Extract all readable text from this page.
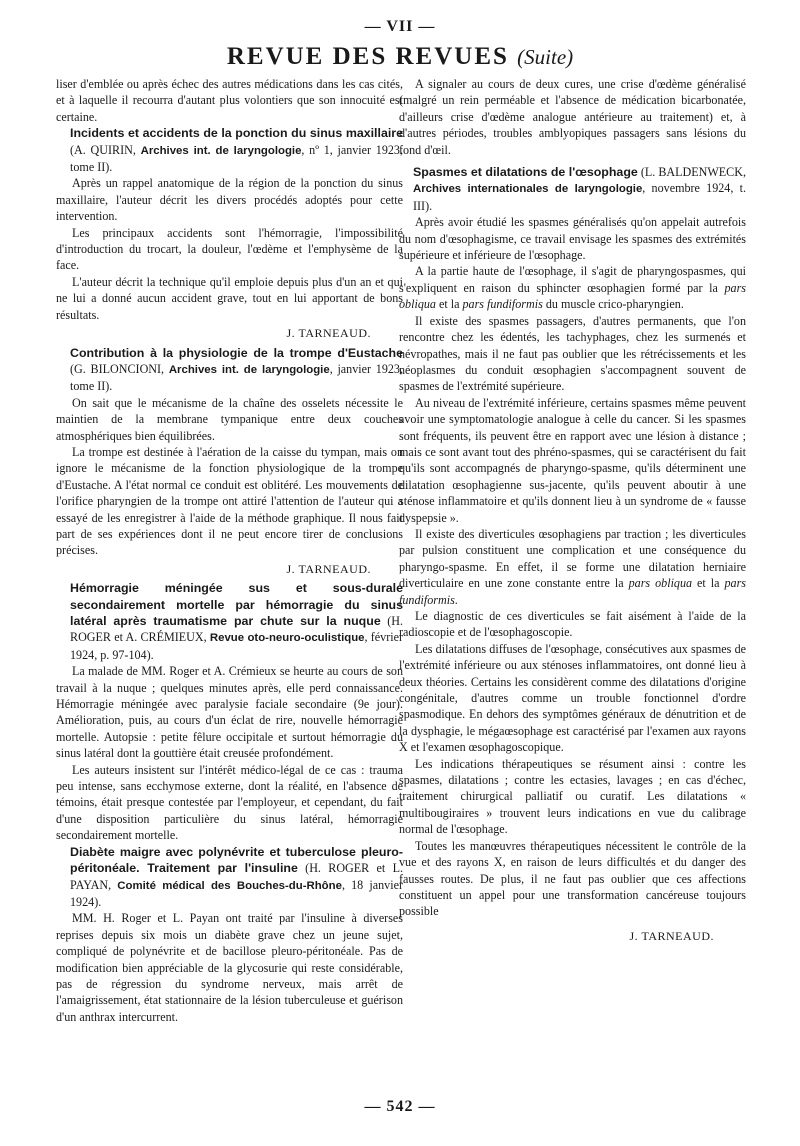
— VII —
REVUE DES REVUES (Suite)

liser d'emblée ou après échec des autres médications dans les cas cités, et à laquelle il recourra d'autant plus volontiers que son innocuité est certaine.

Incidents et accidents de la ponction du sinus maxillaire (A. QUIRIN, Archives int. de laryngologie, nº 1, janvier 1923, tome II).

Après un rappel anatomique de la région de la ponction du sinus maxillaire, l'auteur décrit les divers procédés adoptés pour cette intervention.

Les principaux accidents sont l'hémorragie, l'impossibilité d'introduction du trocart, la douleur, l'œdème et l'emphysème de la face.

L'auteur décrit la technique qu'il emploie depuis plus d'un an et qui ne lui a donné aucun accident grave, tout en lui apportant de bons résultats.

J. TARNEAUD.

Contribution à la physiologie de la trompe d'Eustache (G. BILONCIONI, Archives int. de laryngologie, janvier 1923, tome II).

On sait que le mécanisme de la chaîne des osselets nécessite le maintien de la membrane tympanique entre deux couches atmosphériques bien équilibrées.

La trompe est destinée à l'aération de la caisse du tympan, mais on ignore le mécanisme de la fonction physiologique de la trompe d'Eustache. A l'état normal ce conduit est oblitéré. Les mouvements de l'orifice pharyngien de la trompe ont attiré l'attention de l'auteur qui a essayé de les enregistrer à l'aide de la méthode graphique. Il nous fait part de ses expériences dont il ne peut encore tirer de conclusions précises.

J. TARNEAUD.

Hémorragie méningée sus et sous-durale secondairement mortelle par hémorragie du sinus latéral après traumatisme par chute sur la nuque (H. ROGER et A. CRÉMIEUX, Revue oto-neuro-oculistique, février 1924, p. 97-104).

La malade de MM. Roger et A. Crémieux se heurte au cours de son travail à la nuque ; quelques minutes après, elle perd connaissance. Hémorragie méningée avec paralysie faciale secondaire (9e jour). Amélioration, puis, au cours d'un éclat de rire, nouvelle hémorragie mortelle. Autopsie : petite fêlure occipitale et surtout hémorragie du sinus latéral dont la gouttière était creusée profondément.

Les auteurs insistent sur l'intérêt médico-légal de ce cas : trauma peu intense, sans ecchymose externe, dont la réalité, en l'absence de témoins, était presque contestée par l'employeur, et cependant, du fait d'une disposition particulière du sinus latéral, hémorragie secondairement mortelle.

Diabète maigre avec polynévrite et tuberculose pleuro-péritonéale. Traitement par l'insuline (H. ROGER et L. PAYAN, Comité médical des Bouches-du-Rhône, 18 janvier 1924).

MM. H. Roger et L. Payan ont traité par l'insuline à diverses reprises depuis six mois un diabète grave chez un jeune sujet, compliqué de polynévrite et de bacillose pleuro-péritonéale. Pas de modification bien appréciable de la glycosurie qui reste considérable, pas de régression du syndrome nerveux, mais arrêt de l'amaigrissement, état stationnaire de la lésion tuberculeuse et guérison d'un anthrax intercurrent.

A signaler au cours de deux cures, une crise d'œdème généralisé (malgré un rein perméable et l'absence de médication bicarbonatée, d'ailleurs crise d'œdème analogue antérieure au traitement) et, à d'autres périodes, troubles amblyopiques passagers sans lésions du fond d'œil.

Spasmes et dilatations de l'œsophage (L. BALDENWECK, Archives internationales de laryngologie, novembre 1924, t. III).

Après avoir étudié les spasmes généralisés qu'on appelait autrefois du nom d'œsophagisme, ce travail envisage les spasmes des extrémités supérieure et inférieure de l'œsophage.

A la partie haute de l'œsophage, il s'agit de pharyngospasmes, qui s'expliquent en raison du sphincter œsophagien formé par la pars obliqua et la pars fundiformis du muscle crico-pharyngien.

Il existe des spasmes passagers, d'autres permanents, que l'on rencontre chez les édentés, les tachyphages, chez les surmenés et névropathes, mais il ne faut pas oublier que les rétrécissements et les néoplasmes du conduit œsophagien s'accompagnent souvent de spasmes de l'extrémité supérieure.

Au niveau de l'extrémité inférieure, certains spasmes même peuvent avoir une symptomatologie analogue à celle du cancer. Si les spasmes sont fréquents, ils peuvent être en rapport avec une lésion à distance ; mais ce sont avant tout des phréno-spasmes, qui se caractérisent du fait qu'ils sont accompagnés de pharyngo-spasme, qu'ils déterminent une dilatation œsophagienne sus-jacente, qu'ils peuvent aboutir à une sténose inflammatoire et qu'ils donnent lieu à un syndrome de « fausse dyspepsie ».

Il existe des diverticules œsophagiens par traction ; les diverticules par pulsion constituent une complication et une conséquence du pharyngo-spasme. En effet, il se forme une dilatation herniaire diverticulaire en une zone constante entre la pars obliqua et la pars fundiformis.

Le diagnostic de ces diverticules se fait aisément à l'aide de la radioscopie et de l'œsophagoscopie.

Les dilatations diffuses de l'œsophage, consécutives aux spasmes de l'extrémité inférieure ou aux sténoses inflammatoires, ont donné lieu à deux théories. Certains les considèrent comme des dilatations d'origine congénitale, d'autres comme un trouble fonctionnel d'ordre spasmodique. En dehors des symptômes généraux de dénutrition et de la dysphagie, le mégaœsophage est caractérisé par l'examen aux rayons X et l'examen œsophagoscopique.

Les indications thérapeutiques se résument ainsi : contre les spasmes, dilatations ; contre les ectasies, lavages ; en cas d'échec, traitement chirurgical palliatif ou curatif. Les dilatations « multibougiraires » trouvent leurs indications en vue du calibrage normal de l'œsophage.

Toutes les manœuvres thérapeutiques nécessitent le contrôle de la vue et des rayons X, en raison de leurs difficultés et du danger des fausses routes. De plus, il ne faut pas oublier que ces affections constituent un appel pour une transformation cancéreuse toujours possible

J. TARNEAUD.
— 542 —
